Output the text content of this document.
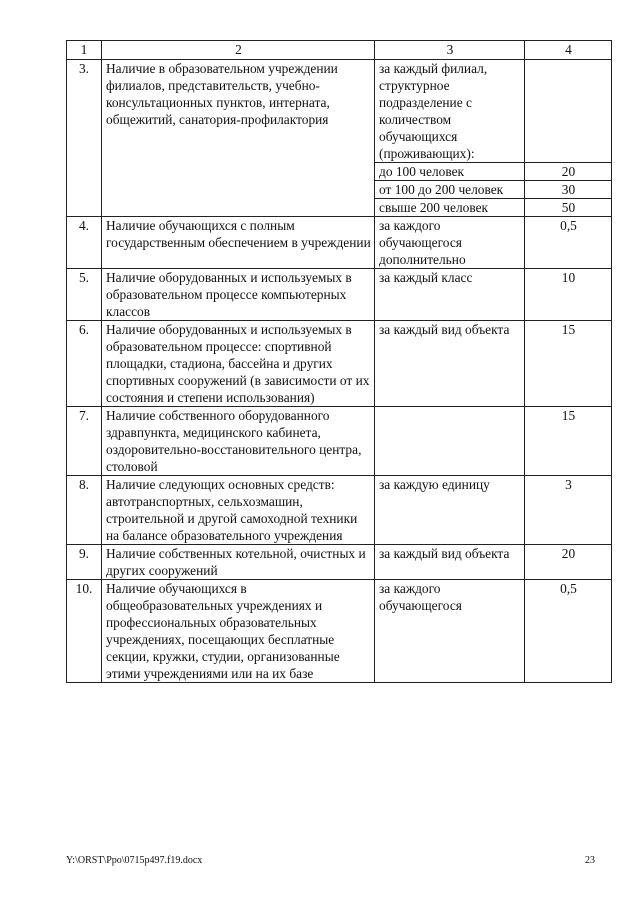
1	2	3	4
3.	Наличие в образовательном учреждении филиалов, представительств, учебно-консультационных пунктов, интерната, общежитий, санатория-профилактория	за каждый филиал, структурное подразделение с количеством обучающихся (проживающих):	
		до 100 человек	20
		от 100 до 200 человек	30
		свыше 200 человек	50
4.	Наличие обучающихся с полным государственным обеспечением в учреждении	за каждого обучающегося дополнительно	0,5
5.	Наличие оборудованных и используемых в образовательном процессе компьютерных классов	за каждый класс	10
6.	Наличие оборудованных и используемых в образовательном процессе: спортивной площадки, стадиона, бассейна и других спортивных сооружений (в зависимости от их состояния и степени использования)	за каждый вид объекта	15
7.	Наличие собственного оборудованного здравпункта, медицинского кабинета, оздоровительно-восстановительного центра, столовой		15
8.	Наличие следующих основных средств: автотранспортных, сельхозмашин, строительной и другой самоходной техники на балансе образовательного учреждения	за каждую единицу	3
9.	Наличие собственных котельной, очистных и других сооружений	за каждый вид объекта	20
10.	Наличие обучающихся в общеобразовательных учреждениях и профессиональных образовательных учреждениях, посещающих бесплатные секции, кружки, студии, организованные этими учреждениями или на их базе	за каждого обучающегося	0,5
Y:\ORST\Ppo\0715p497.f19.docx	23
